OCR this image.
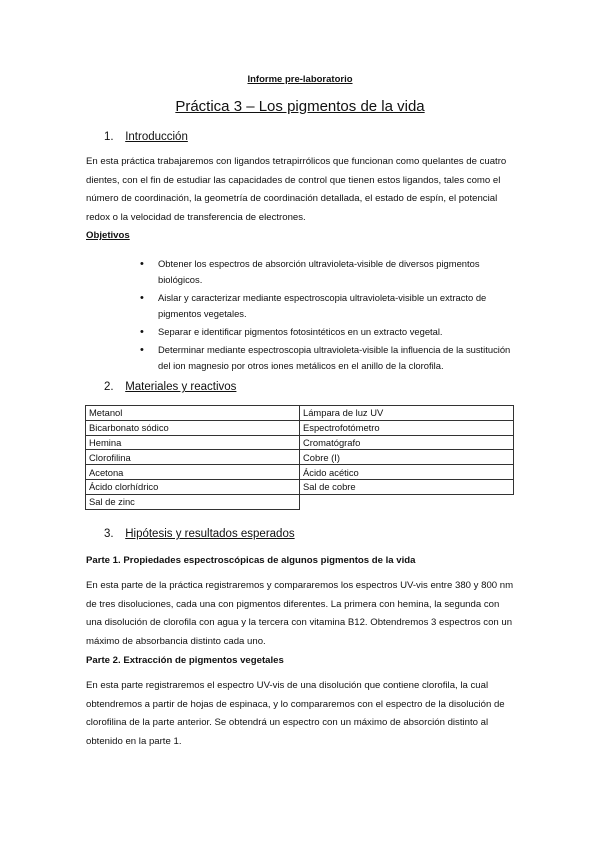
Informe pre-laboratorio
Práctica 3 – Los pigmentos de la vida
1. Introducción

En esta práctica trabajaremos con ligandos tetrapirrólicos que funcionan como quelantes de cuatro dientes, con el fin de estudiar las capacidades de control que tienen estos ligandos, tales como el número de coordinación, la geometría de coordinación detallada, el estado de espín, el potencial redox o la velocidad de transferencia de electrones.

Objetivos
• Obtener los espectros de absorción ultravioleta-visible de diversos pigmentos biológicos.
• Aislar y caracterizar mediante espectroscopia ultravioleta-visible un extracto de pigmentos vegetales.
• Separar e identificar pigmentos fotosintéticos en un extracto vegetal.
• Determinar mediante espectroscopia ultravioleta-visible la influencia de la sustitución del ion magnesio por otros iones metálicos en el anillo de la clorofila.
2. Materiales y reactivos
Metanol	Lámpara de luz UV
Bicarbonato sódico	Espectrofotómetro
Hemina	Cromatógrafo
Clorofilina	Cobre (I)
Acetona	Ácido acético
Ácido clorhídrico	Sal de cobre
Sal de zinc	
3. Hipótesis y resultados esperados
Parte 1. Propiedades espectroscópicas de algunos pigmentos de la vida

En esta parte de la práctica registraremos y compararemos los espectros UV-vis entre 380 y 800 nm de tres disoluciones, cada una con pigmentos diferentes. La primera con hemina, la segunda con una disolución de clorofila con agua y la tercera con vitamina B12. Obtendremos 3 espectros con un máximo de absorbancia distinto cada uno.

Parte 2. Extracción de pigmentos vegetales

En esta parte registraremos el espectro UV-vis de una disolución que contiene clorofila, la cual obtendremos a partir de hojas de espinaca, y lo compararemos con el espectro de la disolución de clorofilina de la parte anterior. Se obtendrá un espectro con un máximo de absorción distinto al obtenido en la parte 1.
